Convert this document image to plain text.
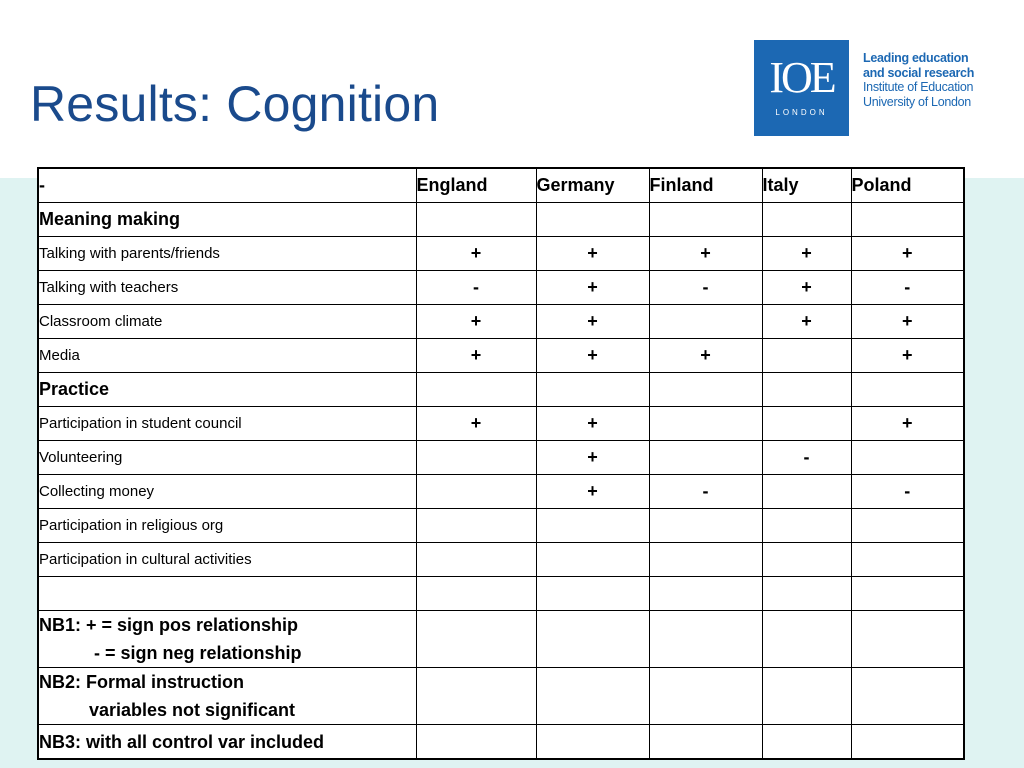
Results: Cognition	IOE
LONDON
Leading education
and social research
Institute of Education
University of London
-	England	Germany	Finland	Italy	Poland
Meaning making					
Talking with parents/friends	+	+	+	+	+
Talking with teachers	-	+	-	+	-
Classroom climate	+	+		+	+
Media	+	+	+		+
Practice					
Participation in student council	+	+			+
Volunteering		+		-	
Collecting money		+	-		-
Participation in religious org					
Participation in cultural activities					

NB1: + = sign pos relationship
- = sign neg relationship					

NB2: Formal instruction
variables not significant					

NB3: with all control var included
